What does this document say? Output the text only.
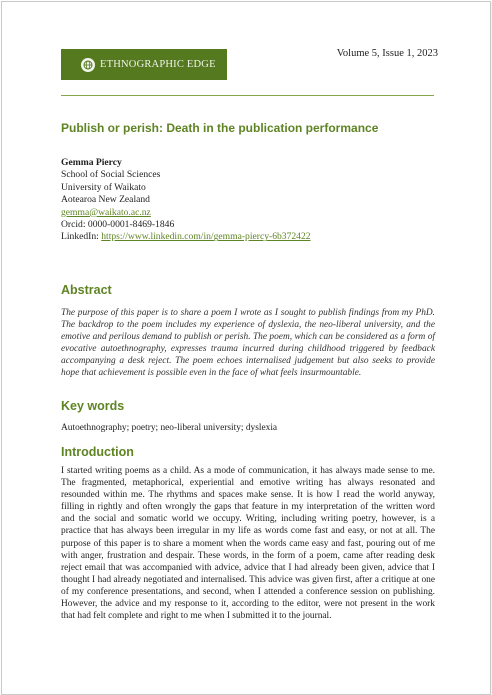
ETHNOGRAPHIC EDGE
Volume 5, Issue 1, 2023
Publish or perish: Death in the publication performance
Gemma Piercy
School of Social Sciences
University of Waikato
Aotearoa New Zealand
gemma@waikato.ac.nz
Orcid: 0000-0001-8469-1846
LinkedIn: https://www.linkedin.com/in/gemma-piercy-6b372422
Abstract
The purpose of this paper is to share a poem I wrote as I sought to publish findings from my PhD. The backdrop to the poem includes my experience of dyslexia, the neo-liberal university, and the emotive and perilous demand to publish or perish. The poem, which can be considered as a form of evocative autoethnography, expresses trauma incurred during childhood triggered by feedback accompanying a desk reject. The poem echoes internalised judgement but also seeks to provide hope that achievement is possible even in the face of what feels insurmountable.
Key words
Autoethnography; poetry; neo-liberal university; dyslexia
Introduction
I started writing poems as a child. As a mode of communication, it has always made sense to me. The fragmented, metaphorical, experiential and emotive writing has always resonated and resounded within me. The rhythms and spaces make sense. It is how I read the world anyway, filling in rightly and often wrongly the gaps that feature in my interpretation of the written word and the social and somatic world we occupy. Writing, including writing poetry, however, is a practice that has always been irregular in my life as words come fast and easy, or not at all. The purpose of this paper is to share a moment when the words came easy and fast, pouring out of me with anger, frustration and despair. These words, in the form of a poem, came after reading desk reject email that was accompanied with advice, advice that I had already been given, advice that I thought I had already negotiated and internalised. This advice was given first, after a critique at one of my conference presentations, and second, when I attended a conference session on publishing. However, the advice and my response to it, according to the editor, were not present in the work that had felt complete and right to me when I submitted it to the journal.
